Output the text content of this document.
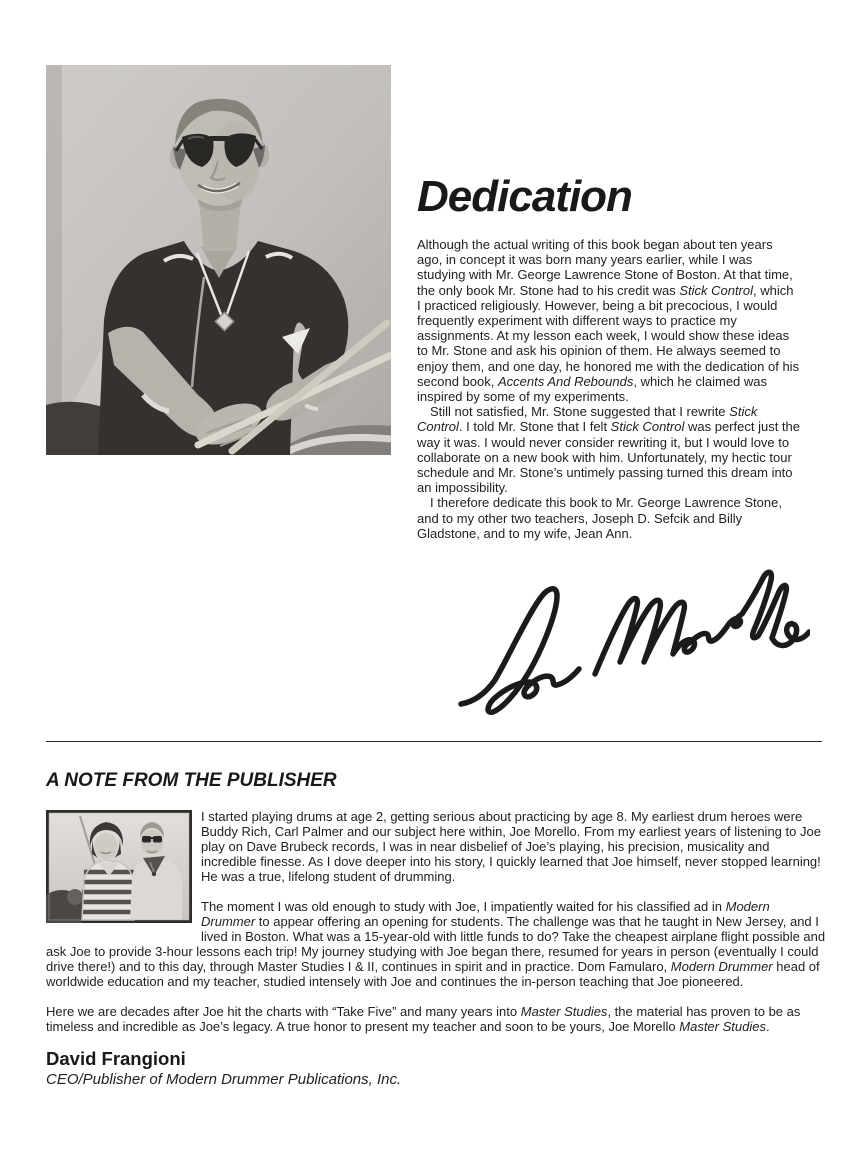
Dedication

Although the actual writing of this book began about ten years ago, in concept it was born many years earlier, while I was studying with Mr. George Lawrence Stone of Boston. At that time, the only book Mr. Stone had to his credit was Stick Control, which I practiced religiously. However, being a bit precocious, I would frequently experiment with different ways to practice my assignments. At my lesson each week, I would show these ideas to Mr. Stone and ask his opinion of them. He always seemed to enjoy them, and one day, he honored me with the dedication of his second book, Accents And Rebounds, which he claimed was inspired by some of my experiments.

Still not satisfied, Mr. Stone suggested that I rewrite Stick Control. I told Mr. Stone that I felt Stick Control was perfect just the way it was. I would never consider rewriting it, but I would love to collaborate on a new book with him. Unfortunately, my hectic tour schedule and Mr. Stone’s untimely passing turned this dream into an impossibility.

I therefore dedicate this book to Mr. George Lawrence Stone, and to my other two teachers, Joseph D. Sefcik and Billy Gladstone, and to my wife, Jean Ann.

A NOTE FROM THE PUBLISHER

I started playing drums at age 2, getting serious about practicing by age 8. My earliest drum heroes were Buddy Rich, Carl Palmer and our subject here within, Joe Morello. From my earliest years of listening to Joe play on Dave Brubeck records, I was in near disbelief of Joe’s playing, his precision, musicality and incredible finesse. As I dove deeper into his story, I quickly learned that Joe himself, never stopped learning! He was a true, lifelong student of drumming.

The moment I was old enough to study with Joe, I impatiently waited for his classified ad in Modern Drummer to appear offering an opening for students. The challenge was that he taught in New Jersey, and I lived in Boston. What was a 15-year-old with little funds to do? Take the cheapest airplane flight possible and ask Joe to provide 3-hour lessons each trip! My journey studying with Joe began there, resumed for years in person (eventually I could drive there!) and to this day, through Master Studies I & II, continues in spirit and in practice. Dom Famularo, Modern Drummer head of worldwide education and my teacher, studied intensely with Joe and continues the in-person teaching that Joe pioneered.

Here we are decades after Joe hit the charts with “Take Five” and many years into Master Studies, the material has proven to be as timeless and incredible as Joe’s legacy. A true honor to present my teacher and soon to be yours, Joe Morello Master Studies.

David Frangioni
CEO/Publisher of Modern Drummer Publications, Inc.
